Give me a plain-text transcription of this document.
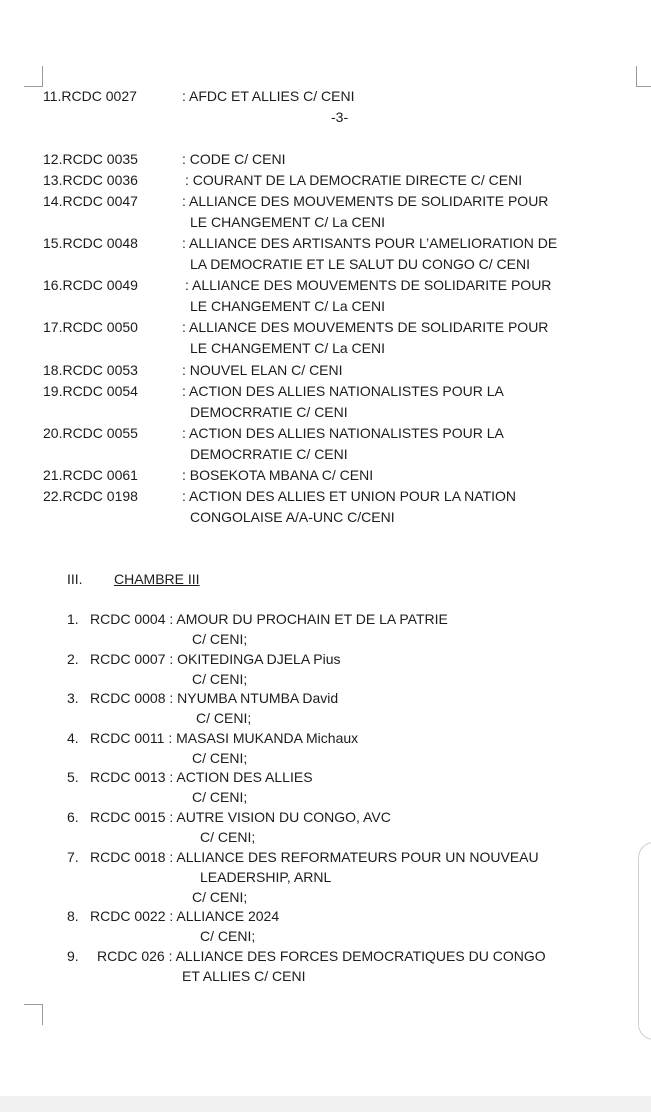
11.RCDC 0027	: AFDC ET ALLIES C/ CENI
12.RCDC 0035	: CODE C/ CENI
13.RCDC 0036	: COURANT DE LA DEMOCRATIE DIRECTE C/ CENI
14.RCDC 0047	: ALLIANCE DES MOUVEMENTS DE SOLIDARITE POUR
LE CHANGEMENT C/ La CENI
15.RCDC 0048	: ALLIANCE DES ARTISANTS POUR L’AMELIORATION DE
LA DEMOCRATIE ET LE SALUT DU CONGO C/ CENI
16.RCDC 0049	: ALLIANCE DES MOUVEMENTS DE SOLIDARITE POUR
LE CHANGEMENT C/ La CENI
17.RCDC 0050	: ALLIANCE DES MOUVEMENTS DE SOLIDARITE POUR
LE CHANGEMENT C/ La CENI
18.RCDC 0053	: NOUVEL ELAN C/ CENI
19.RCDC 0054	: ACTION DES ALLIES NATIONALISTES POUR LA
DEMOCRRATIE C/ CENI
20.RCDC 0055	: ACTION DES ALLIES NATIONALISTES POUR LA
DEMOCRRATIE C/ CENI
21.RCDC 0061	: BOSEKOTA MBANA C/ CENI
22.RCDC 0198	: ACTION DES ALLIES ET UNION POUR LA NATION
CONGOLAISE A/A-UNC C/CENI
-3-
III. CHAMBRE III
1. RCDC 0004 : AMOUR DU PROCHAIN ET DE LA PATRIE
C/ CENI;
2. RCDC 0007 : OKITEDINGA DJELA Pius
C/ CENI;
3. RCDC 0008 : NYUMBA NTUMBA David
C/ CENI;
4. RCDC 0011 : MASASI MUKANDA Michaux
C/ CENI;
5. RCDC 0013 : ACTION DES ALLIES
C/ CENI;
6. RCDC 0015 : AUTRE VISION DU CONGO, AVC
C/ CENI;
7. RCDC 0018 : ALLIANCE DES REFORMATEURS POUR UN NOUVEAU
LEADERSHIP, ARNL
C/ CENI;
8. RCDC 0022 : ALLIANCE 2024
C/ CENI;
9. RCDC 026 : ALLIANCE DES FORCES DEMOCRATIQUES DU CONGO
ET ALLIES C/ CENI
